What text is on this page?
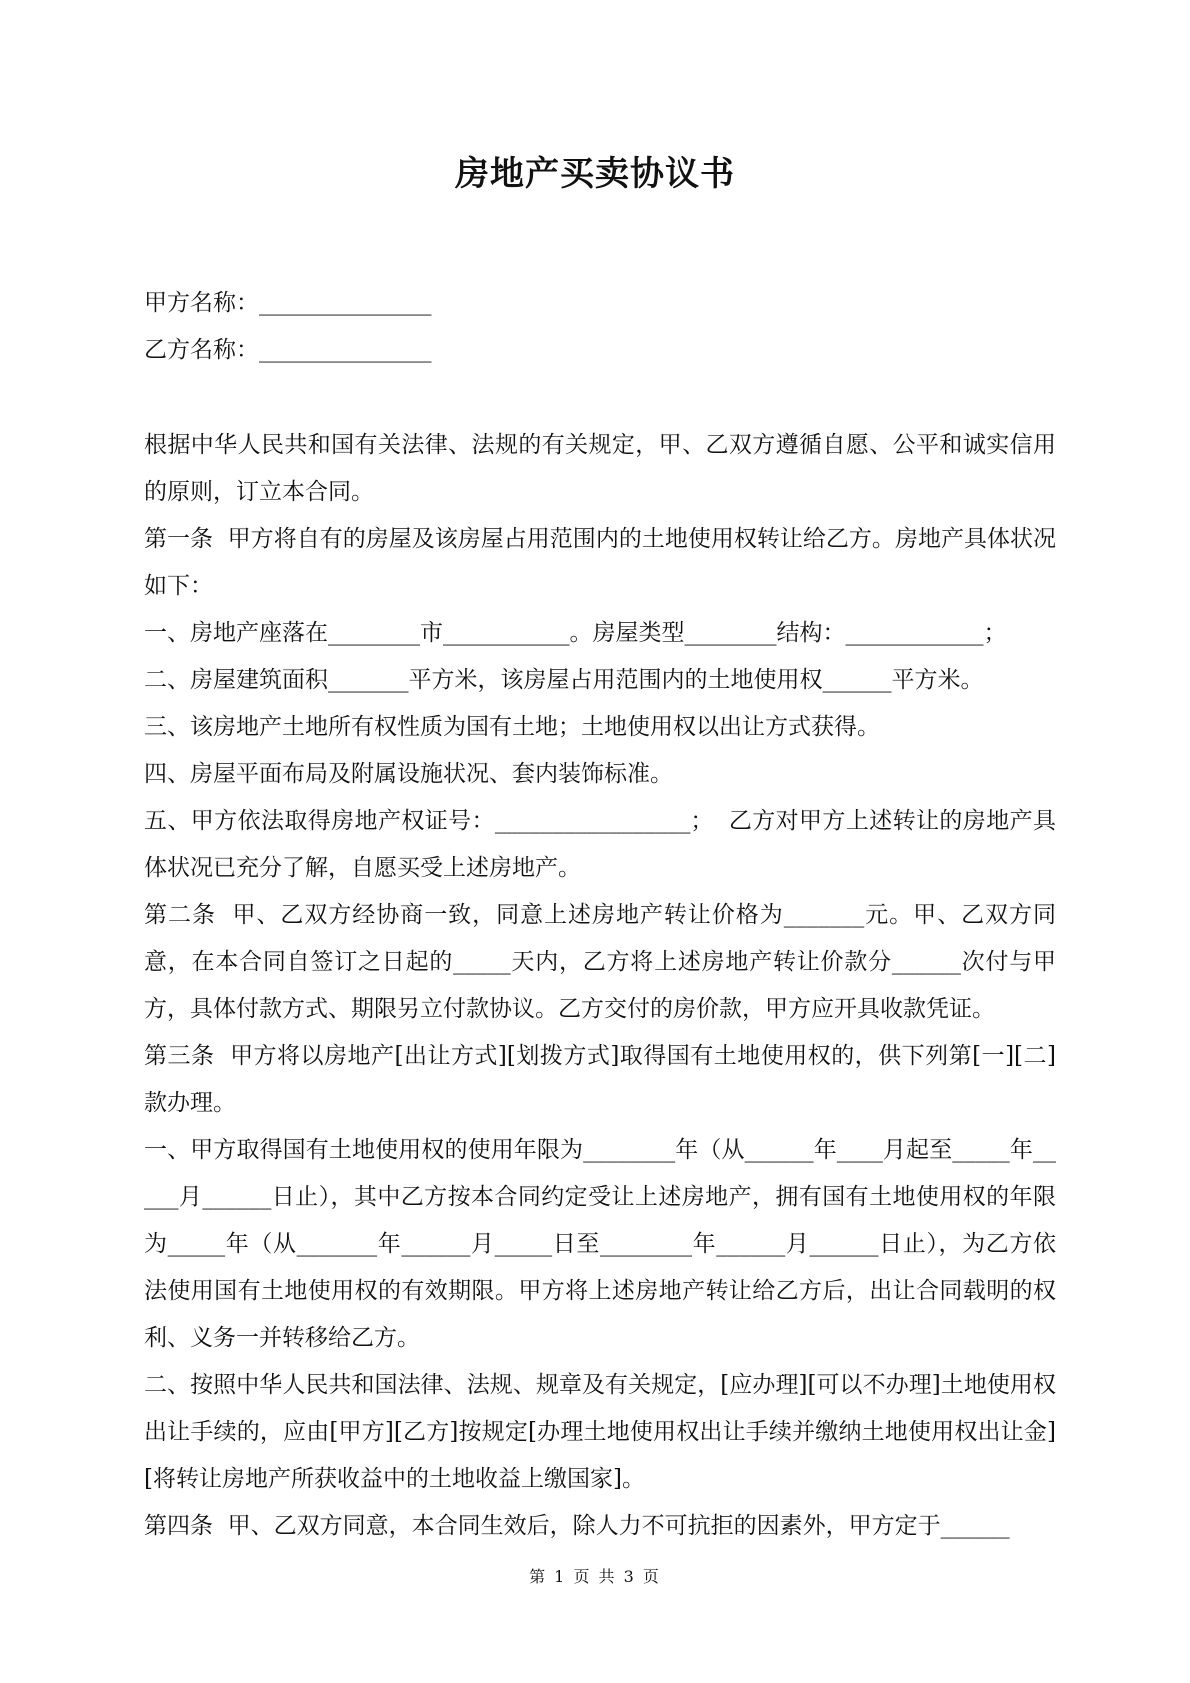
房地产买卖协议书

甲方名称：_______________

乙方名称：_______________

根据中华人民共和国有关法律、法规的有关规定，甲、乙双方遵循自愿、公平和诚实信用的原则，订立本合同。

第一条  甲方将自有的房屋及该房屋占用范围内的土地使用权转让给乙方。房地产具体状况如下：

一、房地产座落在________市___________。房屋类型________结构：____________；

二、房屋建筑面积_______平方米，该房屋占用范围内的土地使用权______平方米。

三、该房地产土地所有权性质为国有土地；土地使用权以出让方式获得。

四、房屋平面布局及附属设施状况、套内装饰标准。

五、甲方依法取得房地产权证号：_________________；  乙方对甲方上述转让的房地产具体状况已充分了解，自愿买受上述房地产。

第二条  甲、乙双方经协商一致，同意上述房地产转让价格为_______元。甲、乙双方同意，在本合同自签订之日起的_____天内，乙方将上述房地产转让价款分______次付与甲方，具体付款方式、期限另立付款协议。乙方交付的房价款，甲方应开具收款凭证。

第三条  甲方将以房地产[出让方式][划拨方式]取得国有土地使用权的，供下列第[一][二]款办理。

一、甲方取得国有土地使用权的使用年限为________年（从______年____月起至_____年_____月______日止），其中乙方按本合同约定受让上述房地产，拥有国有土地使用权的年限为_____年（从_______年______月_____日至________年______月______日止），为乙方依法使用国有土地使用权的有效期限。甲方将上述房地产转让给乙方后，出让合同载明的权利、义务一并转移给乙方。

二、按照中华人民共和国法律、法规、规章及有关规定，[应办理][可以不办理]土地使用权出让手续的，应由[甲方][乙方]按规定[办理土地使用权出让手续并缴纳土地使用权出让金][将转让房地产所获收益中的土地收益上缴国家]。

第四条  甲、乙双方同意，本合同生效后，除人力不可抗拒的因素外，甲方定于______

第 1 页 共 3 页
